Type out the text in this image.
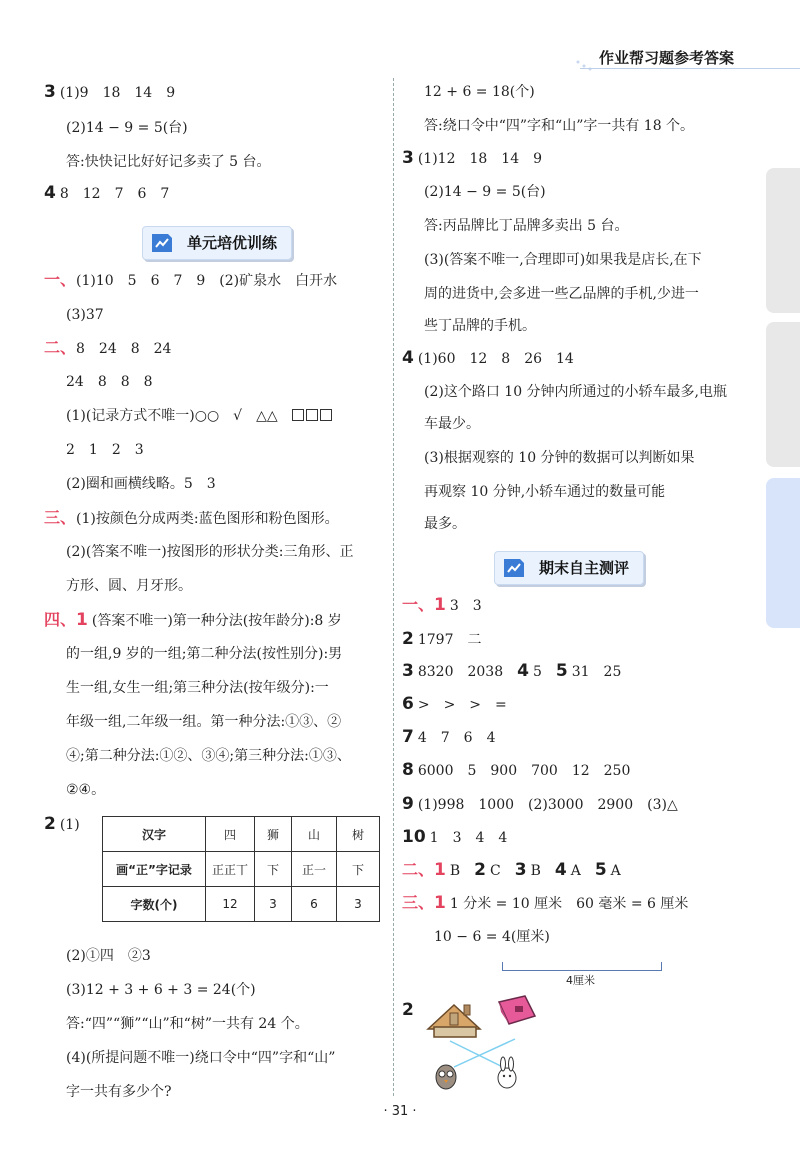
作业帮习题参考答案
3 (1)9　18　14　9
(2)14 − 9 = 5(台)
答:快快记比好好记多卖了 5 台。
4 8　12　7　6　7
单元培优训练
一、(1)10　5　6　7　9　(2)矿泉水　白开水
(3)37
二、8　24　8　24
24　8　8　8
(1)(记录方式不唯一)○○　√　△△　
2　1　2　3
(2)圈和画横线略。5　3
三、(1)按颜色分成两类:蓝色图形和粉色图形。
(2)(答案不唯一)按图形的形状分类:三角形、正
方形、圆、月牙形。
四、1 (答案不唯一)第一种分法(按年龄分):8 岁
的一组,9 岁的一组;第二种分法(按性别分):男
生一组,女生一组;第三种分法(按年级分):一
年级一组,二年级一组。第一种分法:①③、②
④;第二种分法:①②、③④;第三种分法:①③、
②④。
2 (1)
汉字	四	狮	山	树
画“正”字记录	正正丅	下	正一	下
字数(个)	12	3	6	3
(2)①四　②3
(3)12 + 3 + 6 + 3 = 24(个)
答:“四”“狮”“山”和“树”一共有 24 个。
(4)(所提问题不唯一)绕口令中“四”字和“山”
字一共有多少个?
12 + 6 = 18(个)
答:绕口令中“四”字和“山”字一共有 18 个。
3 (1)12　18　14　9
(2)14 − 9 = 5(台)
答:丙品牌比丁品牌多卖出 5 台。
(3)(答案不唯一,合理即可)如果我是店长,在下
周的进货中,会多进一些乙品牌的手机,少进一
些丁品牌的手机。
4 (1)60　12　8　26　14
(2)这个路口 10 分钟内所通过的小轿车最多,电瓶
车最少。
(3)根据观察的 10 分钟的数据可以判断如果
再观察 10 分钟,小轿车通过的数量可能
最多。
期末自主测评
一、1 3　3
2 1797　二
3 8320　2038 4 5 5 31　25
6 >　>　>　=
7 4　7　6　4
8 6000　5　900　700　12　250
9 (1)998　1000　(2)3000　2900　(3)△
10 1　3　4　4
二、1 B 2 C 3 B 4 A 5 A
三、1 1 分米 = 10 厘米　60 毫米 = 6 厘米
10 − 6 = 4(厘米)
2
4厘米
· 31 ·
